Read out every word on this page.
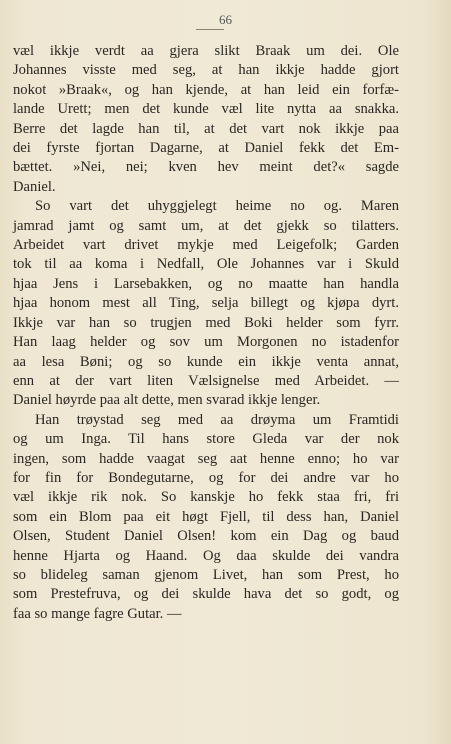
66
væl ikkje verdt aa gjera slikt Braak um dei. Ole
Johannes visste med seg, at han ikkje hadde gjort
nokot »Braak«, og han kjende, at han leid ein forfæ-
lande Urett; men det kunde væl lite nytta aa snakka.
Berre det lagde han til, at det vart nok ikkje paa
dei fyrste fjortan Dagarne, at Daniel fekk det Em-
bættet. »Nei, nei; kven hev meint det?« sagde
Daniel.
So vart det uhyggjelegt heime no og. Maren
jamrad jamt og samt um, at det gjekk so tilatters.
Arbeidet vart drivet mykje med Leigefolk; Garden
tok til aa koma i Nedfall, Ole Johannes var i Skuld
hjaa Jens i Larsebakken, og no maatte han handla
hjaa honom mest all Ting, selja billegt og kjøpa dyrt.
Ikkje var han so trugjen med Boki helder som fyrr.
Han laag helder og sov um Morgonen no istadenfor
aa lesa Bøni; og so kunde ein ikkje venta annat,
enn at der vart liten Vælsignelse med Arbeidet. —
Daniel høyrde paa alt dette, men svarad ikkje lenger.
Han trøystad seg med aa drøyma um Framtidi
og um Inga. Til hans store Gleda var der nok
ingen, som hadde vaagat seg aat henne enno; ho var
for fin for Bondegutarne, og for dei andre var ho
væl ikkje rik nok. So kanskje ho fekk staa fri, fri
som ein Blom paa eit høgt Fjell, til dess han, Daniel
Olsen, Student Daniel Olsen! kom ein Dag og baud
henne Hjarta og Haand. Og daa skulde dei vandra
so blideleg saman gjenom Livet, han som Prest, ho
som Prestefruva, og dei skulde hava det so godt, og
faa so mange fagre Gutar. —
